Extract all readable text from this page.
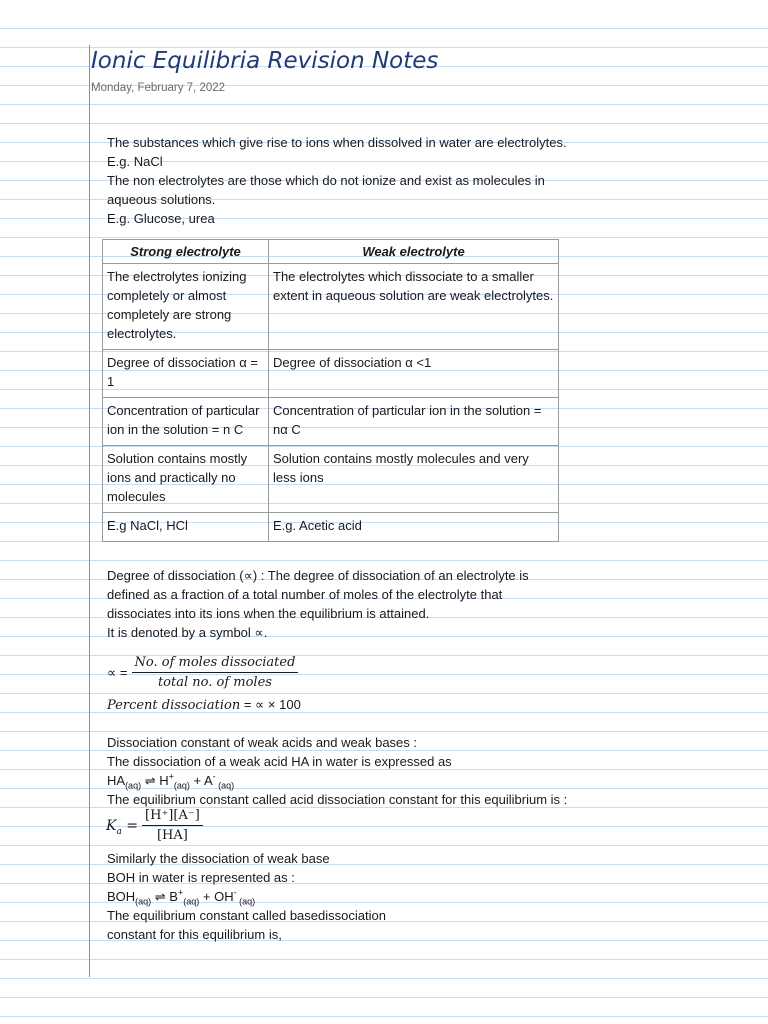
Ionic Equilibria Revision Notes
Monday, February 7, 2022
The substances which give rise to ions when dissolved in water are electrolytes.
E.g. NaCl
The non electrolytes are those which do not ionize and exist as molecules in
aqueous solutions.
E.g. Glucose, urea
Strong electrolyte	Weak electrolyte
The electrolytes ionizing completely or almost completely are strong electrolytes.	The electrolytes which dissociate to a smaller extent in aqueous solution are weak electrolytes.
Degree of dissociation α = 1	Degree of dissociation α <1
Concentration of particular ion in the solution = n C	Concentration of particular ion in the solution = nα C
Solution contains mostly ions and practically no molecules	Solution contains mostly molecules and very less ions
E.g NaCl, HCl	E.g. Acetic acid
Degree of dissociation (∝) : The degree of dissociation of an electrolyte is
defined as a fraction of a total number of moles of the electrolyte that
dissociates into its ions when the equilibrium is attained.
It is denoted by a symbol ∝.
∝ = $\frac{\text{No. of moles dissociated}}{\text{total no. of moles}}$
Percent dissociation = ∝ × 100
Dissociation constant of weak acids and weak bases :
The dissociation of a weak acid HA in water is expressed as
$HA_{(aq)}$ ⇌ $H^+_{(aq)} + A^-$ $_{(aq)}$
The equilibrium constant called acid dissociation constant for this equilibrium is :
$K_a = \frac{[H^+][A^-]}{[HA]}$
Similarly the dissociation of weak base
BOH in water is represented as :
$BOH_{(aq)}$ ⇌ $B^+_{(aq)} + OH^-$ $_{(aq)}$
The equilibrium constant called basedissociation
constant for this equilibrium is,
